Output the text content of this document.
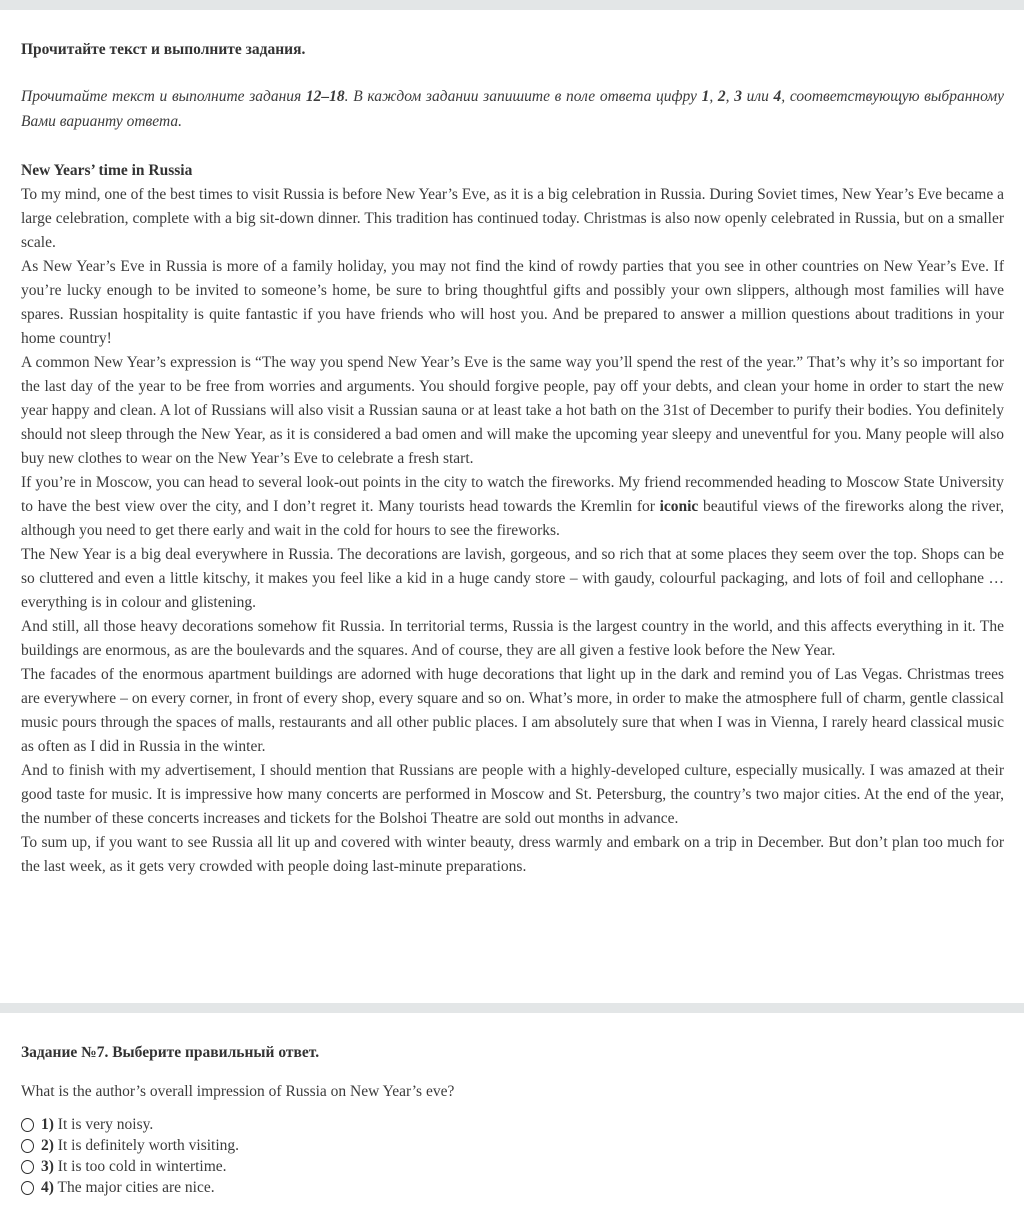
Прочитайте текст и выполните задания.

Прочитайте текст и выполните задания 12–18. В каждом задании запишите в поле ответа цифру 1, 2, 3 или 4, соответствующую выбранному Вами варианту ответа.

New Years’ time in Russia

To my mind, one of the best times to visit Russia is before New Year’s Eve, as it is a big celebration in Russia. During Soviet times, New Year’s Eve became a large celebration, complete with a big sit-down dinner. This tradition has continued today. Christmas is also now openly celebrated in Russia, but on a smaller scale.

As New Year’s Eve in Russia is more of a family holiday, you may not find the kind of rowdy parties that you see in other countries on New Year’s Eve. If you’re lucky enough to be invited to someone’s home, be sure to bring thoughtful gifts and possibly your own slippers, although most families will have spares. Russian hospitality is quite fantastic if you have friends who will host you. And be prepared to answer a million questions about traditions in your home country!

A common New Year’s expression is “The way you spend New Year’s Eve is the same way you’ll spend the rest of the year.” That’s why it’s so important for the last day of the year to be free from worries and arguments. You should forgive people, pay off your debts, and clean your home in order to start the new year happy and clean. A lot of Russians will also visit a Russian sauna or at least take a hot bath on the 31st of December to purify their bodies. You definitely should not sleep through the New Year, as it is considered a bad omen and will make the upcoming year sleepy and uneventful for you. Many people will also buy new clothes to wear on the New Year’s Eve to celebrate a fresh start.

If you’re in Moscow, you can head to several look-out points in the city to watch the fireworks. My friend recommended heading to Moscow State University to have the best view over the city, and I don’t regret it. Many tourists head towards the Kremlin for iconic beautiful views of the fireworks along the river, although you need to get there early and wait in the cold for hours to see the fireworks.

The New Year is a big deal everywhere in Russia. The decorations are lavish, gorgeous, and so rich that at some places they seem over the top. Shops can be so cluttered and even a little kitschy, it makes you feel like a kid in a huge candy store – with gaudy, colourful packaging, and lots of foil and cellophane … everything is in colour and glistening.

And still, all those heavy decorations somehow fit Russia. In territorial terms, Russia is the largest country in the world, and this affects everything in it. The buildings are enormous, as are the boulevards and the squares. And of course, they are all given a festive look before the New Year.

The facades of the enormous apartment buildings are adorned with huge decorations that light up in the dark and remind you of Las Vegas. Christmas trees are everywhere – on every corner, in front of every shop, every square and so on. What’s more, in order to make the atmosphere full of charm, gentle classical music pours through the spaces of malls, restaurants and all other public places. I am absolutely sure that when I was in Vienna, I rarely heard classical music as often as I did in Russia in the winter.

And to finish with my advertisement, I should mention that Russians are people with a highly-developed culture, especially musically. I was amazed at their good taste for music. It is impressive how many concerts are performed in Moscow and St. Petersburg, the country’s two major cities. At the end of the year, the number of these concerts increases and tickets for the Bolshoi Theatre are sold out months in advance.

To sum up, if you want to see Russia all lit up and covered with winter beauty, dress warmly and embark on a trip in December. But don’t plan too much for the last week, as it gets very crowded with people doing last-minute preparations.

Задание №7. Выберите правильный ответ.

What is the author’s overall impression of Russia on New Year’s eve?

1) It is very noisy.
2) It is definitely worth visiting.
3) It is too cold in wintertime.
4) The major cities are nice.
